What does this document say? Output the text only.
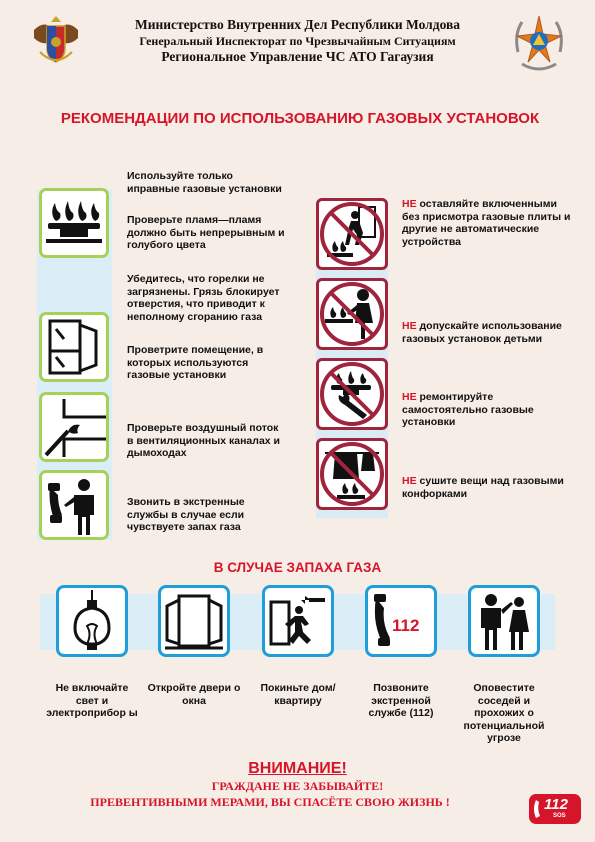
Министерство Внутренних Дел Республики Молдова
Генеральный Инспекторат по Чрезвычайным Ситуациям
Региональное Управление ЧС АТО Гагаузия
РЕКОМЕНДАЦИИ ПО ИСПОЛЬЗОВАНИЮ ГАЗОВЫХ УСТАНОВОК
Используйте только иправные газовые установки
Проверьте пламя—пламя должно быть непрерывным и голубого цвета
Убедитесь, что горелки не загрязнены. Грязь блокирует отверстия, что приводит к неполному сгоранию газа
Проветрите помещение, в которых используются газовые установки
Проверьте воздушный поток в вентиляционных каналах и дымоходах
Звонить в экстренные службы в случае если чувствуете запах газа
НЕ оставляйте включенными без присмотра газовые плиты и другие не автоматические устройства
НЕ допускайте использование газовых установок детьми
НЕ ремонтируйте самостоятельно газовые установки
НЕ сушите вещи над газовыми конфорками
В СЛУЧАЕ ЗАПАХА ГАЗА
112
Не включайте свет и электроприбор ы
Откройте двери о окна
Покиньте дом/квартиру
Позвоните экстренной службе (112)
Оповестите соседей и прохожих о потенциальной угрозе
ВНИМАНИЕ!
ГРАЖДАНЕ НЕ ЗАБЫВАЙТЕ!
ПРЕВЕНТИВНЫМИ МЕРАМИ, ВЫ СПАСЁТЕ СВОЮ ЖИЗНЬ !	112
SOS
